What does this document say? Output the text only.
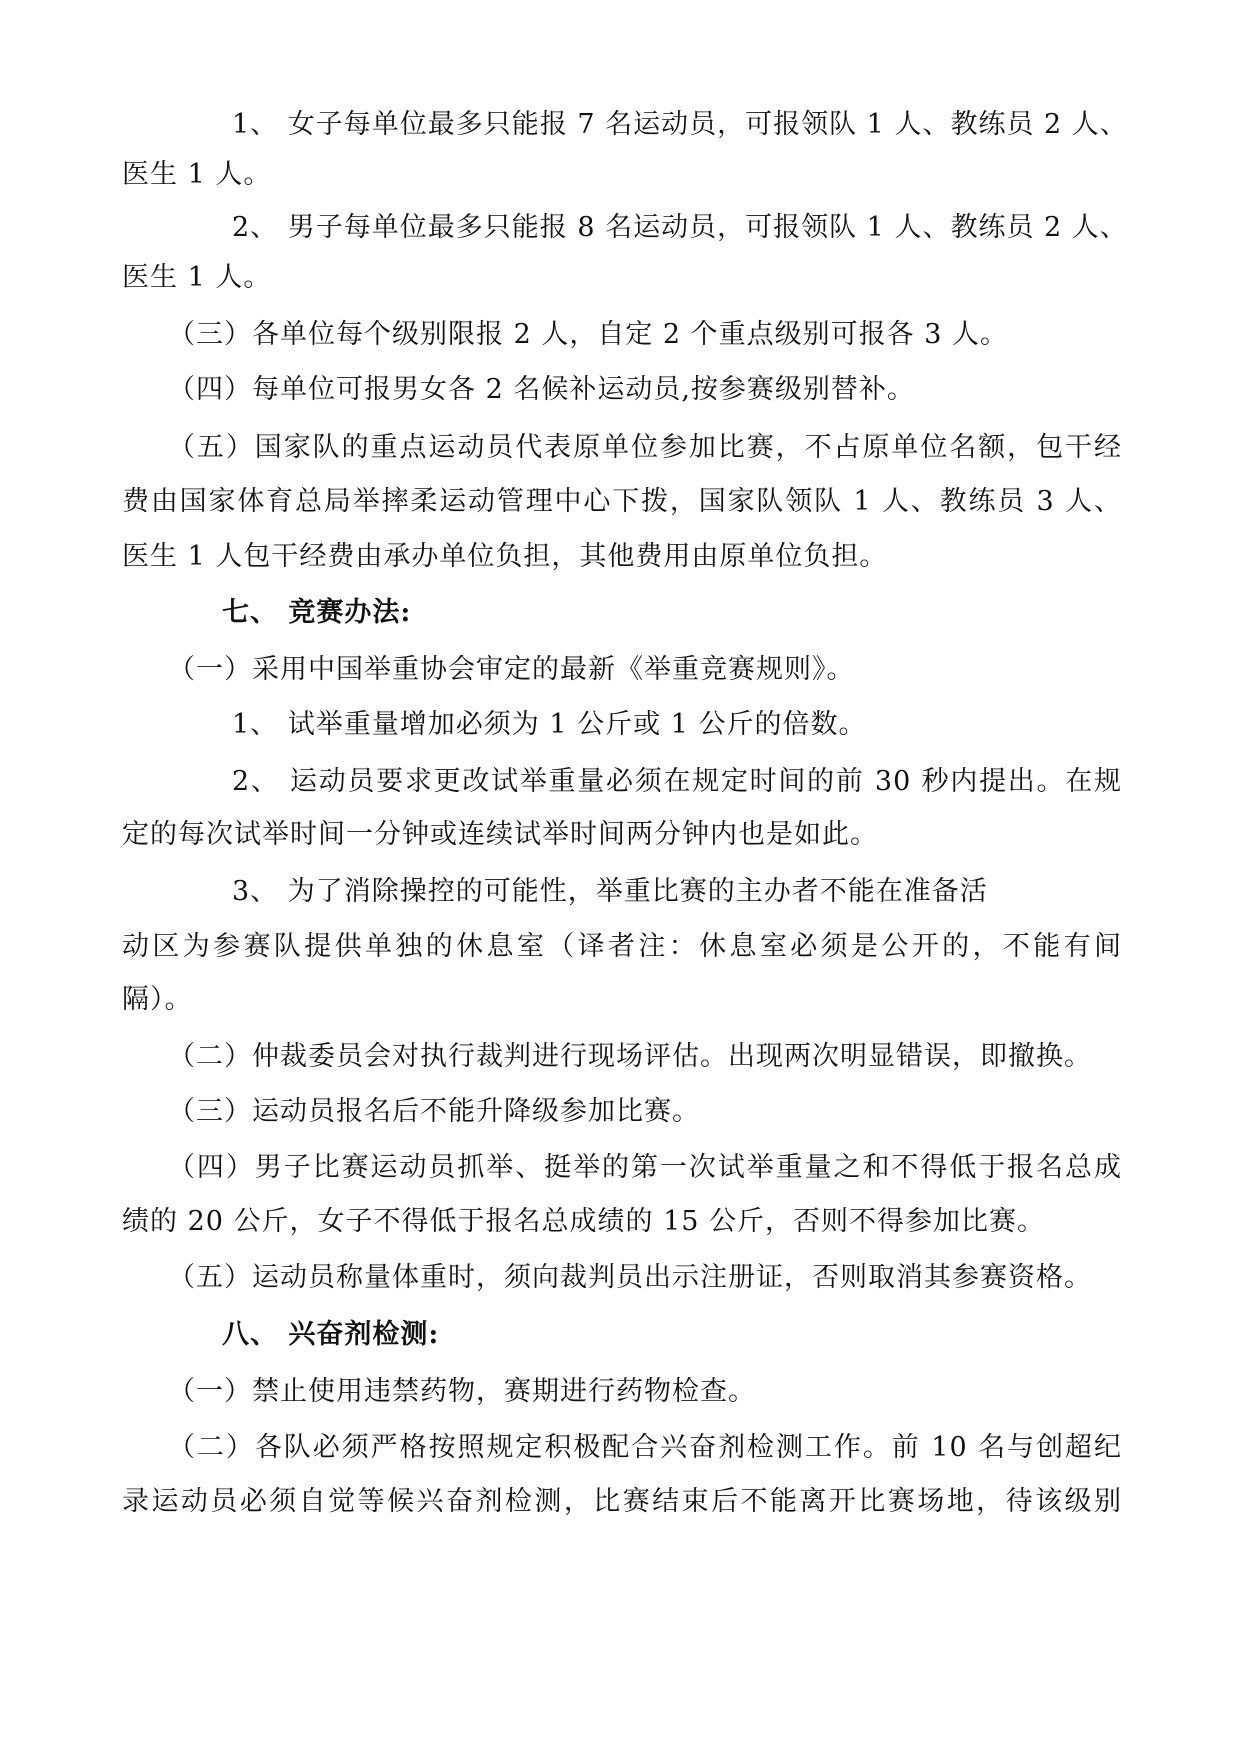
1、 女子每单位最多只能报 7 名运动员，可报领队 1 人、教练员 2 人、
医生 1 人。
2、 男子每单位最多只能报 8 名运动员，可报领队 1 人、教练员 2 人、
医生 1 人。
（三）各单位每个级别限报 2 人，自定 2 个重点级别可报各 3 人。
（四）每单位可报男女各 2 名候补运动员,按参赛级别替补。
（五）国家队的重点运动员代表原单位参加比赛，不占原单位名额，包干经
费由国家体育总局举摔柔运动管理中心下拨，国家队领队 1 人、教练员 3 人、
医生 1 人包干经费由承办单位负担，其他费用由原单位负担。
七、 竞赛办法:
（一）采用中国举重协会审定的最新《举重竞赛规则》。
1、 试举重量增加必须为 1 公斤或 1 公斤的倍数。
2、 运动员要求更改试举重量必须在规定时间的前 30 秒内提出。在规
定的每次试举时间一分钟或连续试举时间两分钟内也是如此。
3、 为了消除操控的可能性，举重比赛的主办者不能在准备活
动区为参赛队提供单独的休息室（译者注：休息室必须是公开的，不能有间
隔）。
（二）仲裁委员会对执行裁判进行现场评估。出现两次明显错误，即撤换。
（三）运动员报名后不能升降级参加比赛。
（四）男子比赛运动员抓举、挺举的第一次试举重量之和不得低于报名总成
绩的 20 公斤，女子不得低于报名总成绩的 15 公斤，否则不得参加比赛。
（五）运动员称量体重时，须向裁判员出示注册证，否则取消其参赛资格。
八、 兴奋剂检测:
（一）禁止使用违禁药物，赛期进行药物检查。
（二）各队必须严格按照规定积极配合兴奋剂检测工作。前 10 名与创超纪
录运动员必须自觉等候兴奋剂检测，比赛结束后不能离开比赛场地，待该级别
